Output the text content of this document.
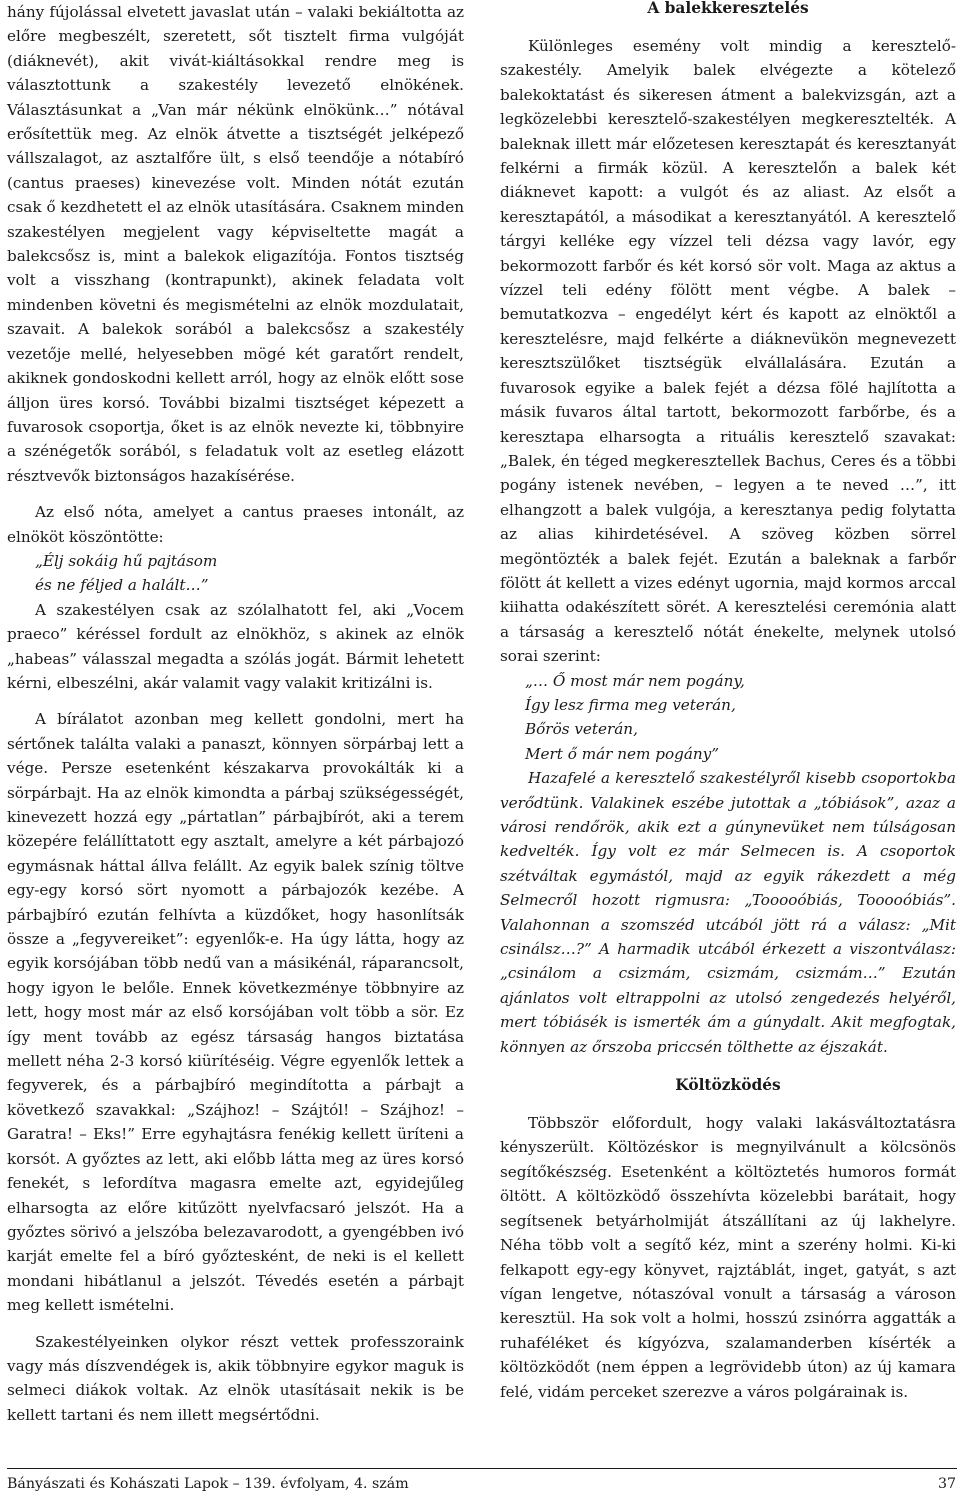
hány fújolással elvetett javaslat után – valaki bekiáltotta az előre megbeszélt, szeretett, sőt tisztelt firma vulgóját (diáknevét), akit vivát-kiáltásokkal rendre meg is választottunk a szakestély levezető elnökének. Választásunkat a „Van már nékünk elnökünk…” nótával erősítettük meg. Az elnök átvette a tisztségét jelképező vállszalagot, az asztalfőre ült, s első teendője a nótabíró (cantus praeses) kinevezése volt. Minden nótát ezután csak ő kezdhetett el az elnök utasítására. Csaknem minden szakestélyen megjelent vagy képviseltette magát a balekcsősz is, mint a balekok eligazítója. Fontos tisztség volt a visszhang (kontrapunkt), akinek feladata volt mindenben követni és megismételni az elnök mozdulatait, szavait. A balekok sorából a balekcsősz a szakestély vezetője mellé, helyesebben mögé két garatőrt rendelt, akiknek gondoskodni kellett arról, hogy az elnök előtt sose álljon üres korsó. További bizalmi tisztséget képezett a fuvarosok csoportja, őket is az elnök nevezte ki, többnyire a szénégetők sorából, s feladatuk volt az esetleg elázott résztvevők biztonságos hazakísérése.

Az első nóta, amelyet a cantus praeses intonált, az elnököt köszöntötte:

„Élj sokáig hű pajtásom
és ne féljed a halált…”

A szakestélyen csak az szólalhatott fel, aki „Vocem praeco” kéréssel fordult az elnökhöz, s akinek az elnök „habeas” válasszal megadta a szólás jogát. Bármit lehetett kérni, elbeszélni, akár valamit vagy valakit kritizálni is.

A bírálatot azonban meg kellett gondolni, mert ha sértőnek találta valaki a panaszt, könnyen sörpárbaj lett a vége. Persze esetenként készakarva provokálták ki a sörpárbajt. Ha az elnök kimondta a párbaj szükségességét, kinevezett hozzá egy „pártatlan” párbajbírót, aki a terem közepére felállíttatott egy asztalt, amelyre a két párbajozó egymásnak háttal állva felállt. Az egyik balek színig töltve egy-egy korsó sört nyomott a párbajozók kezébe. A párbajbíró ezután felhívta a küzdőket, hogy hasonlítsák össze a „fegyvereiket”: egyenlők-e. Ha úgy látta, hogy az egyik korsójában több nedű van a másikénál, ráparancsolt, hogy igyon le belőle. Ennek következménye többnyire az lett, hogy most már az első korsójában volt több a sör. Ez így ment tovább az egész társaság hangos biztatása mellett néha 2-3 korsó kiürítéséig. Végre egyenlők lettek a fegyverek, és a párbajbíró megindította a párbajt a következő szavakkal: „Szájhoz! – Szájtól! – Szájhoz! – Garatra! – Eks!” Erre egyhajtásra fenékig kellett üríteni a korsót. A győztes az lett, aki előbb látta meg az üres korsó fenekét, s lefordítva magasra emelte azt, egyidejűleg elharsogta az előre kitűzött nyelvfacsaró jelszót. Ha a győztes sörivó a jelszóba belezavarodott, a gyengébben ivó karját emelte fel a bíró győztesként, de neki is el kellett mondani hibátlanul a jelszót. Tévedés esetén a párbajt meg kellett ismételni.

Szakestélyeinken olykor részt vettek professzoraink vagy más díszvendégek is, akik többnyire egykor maguk is selmeci diákok voltak. Az elnök utasításait nekik is be kellett tartani és nem illett megsértődni.

A balekkeresztelés

Különleges esemény volt mindig a keresztelő-szakestély. Amelyik balek elvégezte a kötelező balekoktatást és sikeresen átment a balekvizsgán, azt a legközelebbi keresztelő-szakestélyen megkeresztelték. A baleknak illett már előzetesen keresztapát és keresztanyát felkérni a firmák közül. A keresztelőn a balek két diáknevet kapott: a vulgót és az aliast. Az elsőt a keresztapától, a másodikat a keresztanyától. A keresztelő tárgyi kelléke egy vízzel teli dézsa vagy lavór, egy bekormozott farbőr és két korsó sör volt. Maga az aktus a vízzel teli edény fölött ment végbe. A balek – bemutatkozva – engedélyt kért és kapott az elnöktől a keresztelésre, majd felkérte a diáknevükön megnevezett keresztszülőket tisztségük elvállalására. Ezután a fuvarosok egyike a balek fejét a dézsa fölé hajlította a másik fuvaros által tartott, bekormozott farbőrbe, és a keresztapa elharsogta a rituális keresztelő szavakat: „Balek, én téged megkeresztellek Bachus, Ceres és a többi pogány istenek nevében, – legyen a te neved …”, itt elhangzott a balek vulgója, a keresztanya pedig folytatta az alias kihirdetésével. A szöveg közben sörrel megöntözték a balek fejét. Ezután a baleknak a farbőr fölött át kellett a vizes edényt ugornia, majd kormos arccal kiihatta odakészített sörét. A keresztelési ceremónia alatt a társaság a keresztelő nótát énekelte, melynek utolsó sorai szerint:

„… Ő most már nem pogány,
Így lesz firma meg veterán,
Bőrös veterán,
Mert ő már nem pogány”

Hazafelé a keresztelő szakestélyről kisebb csoportokba verődtünk. Valakinek eszébe jutottak a „tóbiások”, azaz a városi rendőrök, akik ezt a gúnynevüket nem túlságosan kedvelték. Így volt ez már Selmecen is. A csoportok szétváltak egymástól, majd az egyik rákezdett a még Selmecről hozott rigmusra: „Tooooóbiás, Tooooóbiás”. Valahonnan a szomszéd utcából jött rá a válasz: „Mit csinálsz…?” A harmadik utcából érkezett a viszontválasz: „csinálom a csizmám, csizmám, csizmám…” Ezután ajánlatos volt eltrappolni az utolsó zengedezés helyéről, mert tóbiásék is ismerték ám a gúnydalt. Akit megfogtak, könnyen az őrszoba priccsén tölthette az éjszakát.

Költözködés

Többször előfordult, hogy valaki lakásváltoztatásra kényszerült. Költözéskor is megnyilvánult a kölcsönös segítőkészség. Esetenként a költöztetés humoros formát öltött. A költözködő összehívta közelebbi barátait, hogy segítsenek betyárholmiját átszállítani az új lakhelyre. Néha több volt a segítő kéz, mint a szerény holmi. Ki-ki felkapott egy-egy könyvet, rajztáblát, inget, gatyát, s azt vígan lengetve, nótaszóval vonult a társaság a városon keresztül. Ha sok volt a holmi, hosszú zsinórra aggatták a ruhaféléket és kígyózva, szalamanderben kísérték a költözködőt (nem éppen a legrövidebb úton) az új kamara felé, vidám perceket szerezve a város polgárainak is.

Bányászati és Kohászati Lapok – 139. évfolyam, 4. szám	37
